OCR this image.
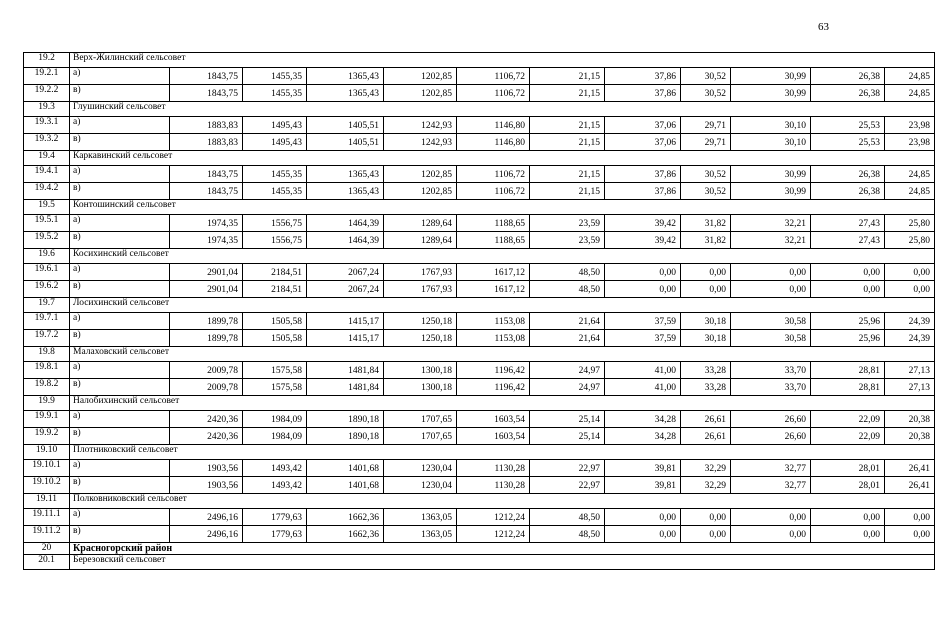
63
19.2	Верх-Жилинский сельсовет											
19.2.1	а)	1843,75	1455,35	1365,43	1202,85	1106,72	21,15	37,86	30,52	30,99	26,38	24,85
19.2.2	в)	1843,75	1455,35	1365,43	1202,85	1106,72	21,15	37,86	30,52	30,99	26,38	24,85
19.3	Глушинский сельсовет											
19.3.1	а)	1883,83	1495,43	1405,51	1242,93	1146,80	21,15	37,06	29,71	30,10	25,53	23,98
19.3.2	в)	1883,83	1495,43	1405,51	1242,93	1146,80	21,15	37,06	29,71	30,10	25,53	23,98
19.4	Каркавинский сельсовет											
19.4.1	а)	1843,75	1455,35	1365,43	1202,85	1106,72	21,15	37,86	30,52	30,99	26,38	24,85
19.4.2	в)	1843,75	1455,35	1365,43	1202,85	1106,72	21,15	37,86	30,52	30,99	26,38	24,85
19.5	Контошинский сельсовет											
19.5.1	а)	1974,35	1556,75	1464,39	1289,64	1188,65	23,59	39,42	31,82	32,21	27,43	25,80
19.5.2	в)	1974,35	1556,75	1464,39	1289,64	1188,65	23,59	39,42	31,82	32,21	27,43	25,80
19.6	Косихинский сельсовет											
19.6.1	а)	2901,04	2184,51	2067,24	1767,93	1617,12	48,50	0,00	0,00	0,00	0,00	0,00
19.6.2	в)	2901,04	2184,51	2067,24	1767,93	1617,12	48,50	0,00	0,00	0,00	0,00	0,00
19.7	Лосихинский сельсовет											
19.7.1	а)	1899,78	1505,58	1415,17	1250,18	1153,08	21,64	37,59	30,18	30,58	25,96	24,39
19.7.2	в)	1899,78	1505,58	1415,17	1250,18	1153,08	21,64	37,59	30,18	30,58	25,96	24,39
19.8	Малаховский сельсовет											
19.8.1	а)	2009,78	1575,58	1481,84	1300,18	1196,42	24,97	41,00	33,28	33,70	28,81	27,13
19.8.2	в)	2009,78	1575,58	1481,84	1300,18	1196,42	24,97	41,00	33,28	33,70	28,81	27,13
19.9	Налобихинский сельсовет											
19.9.1	а)	2420,36	1984,09	1890,18	1707,65	1603,54	25,14	34,28	26,61	26,60	22,09	20,38
19.9.2	в)	2420,36	1984,09	1890,18	1707,65	1603,54	25,14	34,28	26,61	26,60	22,09	20,38
19.10	Плотниковский сельсовет											
19.10.1	а)	1903,56	1493,42	1401,68	1230,04	1130,28	22,97	39,81	32,29	32,77	28,01	26,41
19.10.2	в)	1903,56	1493,42	1401,68	1230,04	1130,28	22,97	39,81	32,29	32,77	28,01	26,41
19.11	Полковниковский сельсовет											
19.11.1	а)	2496,16	1779,63	1662,36	1363,05	1212,24	48,50	0,00	0,00	0,00	0,00	0,00
19.11.2	в)	2496,16	1779,63	1662,36	1363,05	1212,24	48,50	0,00	0,00	0,00	0,00	0,00
20	Красногорский район											
20.1	Березовский сельсовет											
